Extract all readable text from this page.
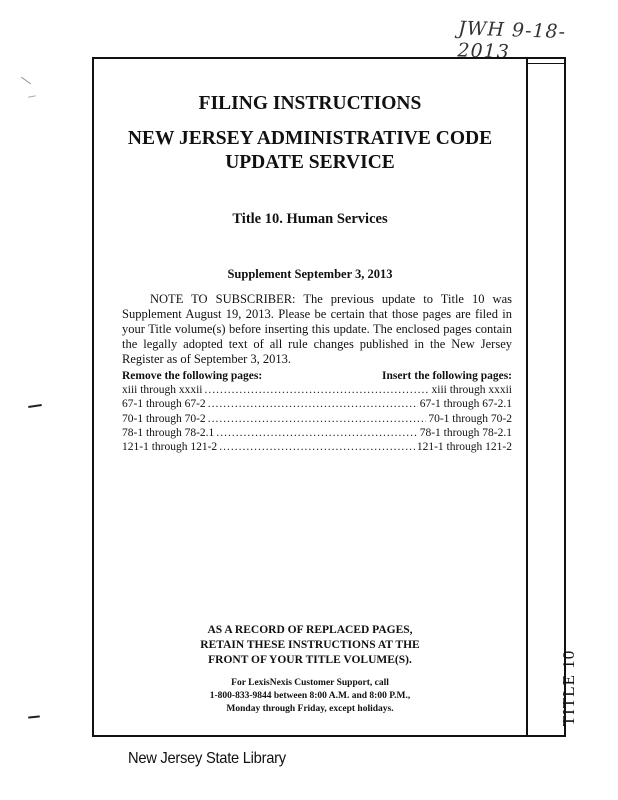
JWH 9-18-2013
TITLE 10
FILING INSTRUCTIONS
NEW JERSEY ADMINISTRATIVE CODE
UPDATE SERVICE
Title 10. Human Services
Supplement September 3, 2013
NOTE TO SUBSCRIBER: The previous update to Title 10 was Supplement August 19, 2013. Please be certain that those pages are filed in your Title volume(s) before inserting this update. The enclosed pages contain the legally adopted text of all rule changes published in the New Jersey Register as of September 3, 2013.
Remove the following pages:	Insert the following pages:
xiii through xxxii .....	xiii through xxxii
67-1 through 67-2 .....	67-1 through 67-2.1
70-1 through 70-2 .....	70-1 through 70-2
78-1 through 78-2.1 .....	78-1 through 78-2.1
121-1 through 121-2 .....	121-1 through 121-2
AS A RECORD OF REPLACED PAGES,
RETAIN THESE INSTRUCTIONS AT THE
FRONT OF YOUR TITLE VOLUME(S).
For LexisNexis Customer Support, call
1-800-833-9844 between 8:00 A.M. and 8:00 P.M.,
Monday through Friday, except holidays.
New Jersey State Library
